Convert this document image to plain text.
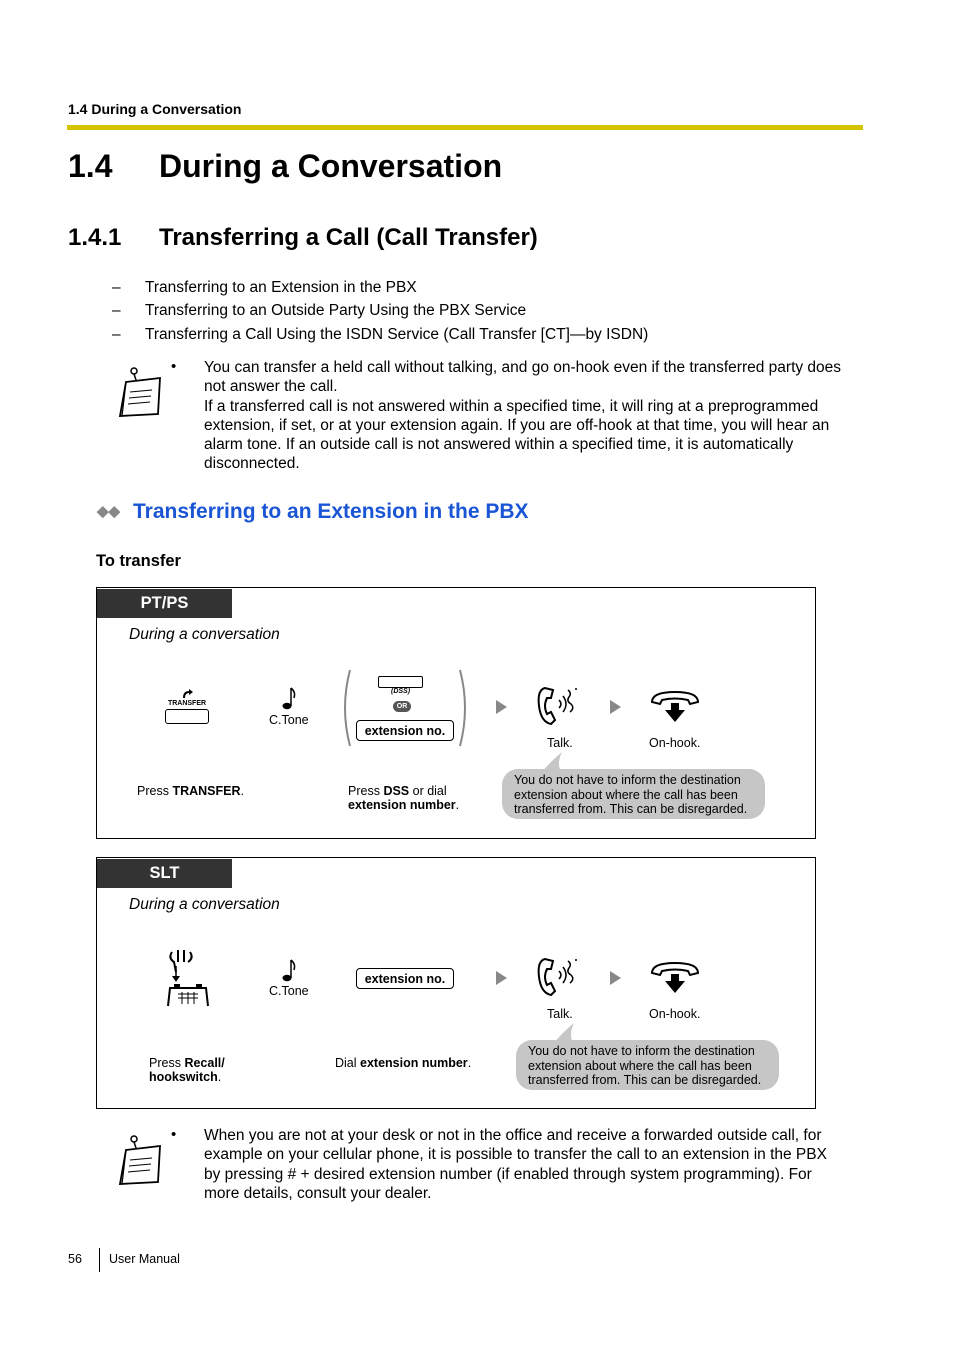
1.4 During a Conversation
1.4 During a Conversation
1.4.1 Transferring a Call (Call Transfer)
– Transferring to an Extension in the PBX
– Transferring to an Outside Party Using the PBX Service
– Transferring a Call Using the ISDN Service (Call Transfer [CT]—by ISDN)
• You can transfer a held call without talking, and go on-hook even if the transferred party does
not answer the call.
If a transferred call is not answered within a specified time, it will ring at a preprogrammed
extension, if set, or at your extension again. If you are off-hook at that time, you will hear an
alarm tone. If an outside call is not answered within a specified time, it is automatically
disconnected.
◆◆ Transferring to an Extension in the PBX
To transfer
PT/PS
During a conversation
TRANSFER
C.Tone
(DSS)
OR
extension no.
Talk.	On-hook.
Press TRANSFER.	Press DSS or dial
extension number.
You do not have to inform the destination
extension about where the call has been
transferred from. This can be disregarded.
SLT
During a conversation
C.Tone
extension no.
Talk.	On-hook.
Press Recall/
hookswitch.
Dial extension number.
You do not have to inform the destination
extension about where the call has been
transferred from. This can be disregarded.
• When you are not at your desk or not in the office and receive a forwarded outside call, for
example on your cellular phone, it is possible to transfer the call to an extension in the PBX
by pressing # + desired extension number (if enabled through system programming). For
more details, consult your dealer.
56 User Manual
